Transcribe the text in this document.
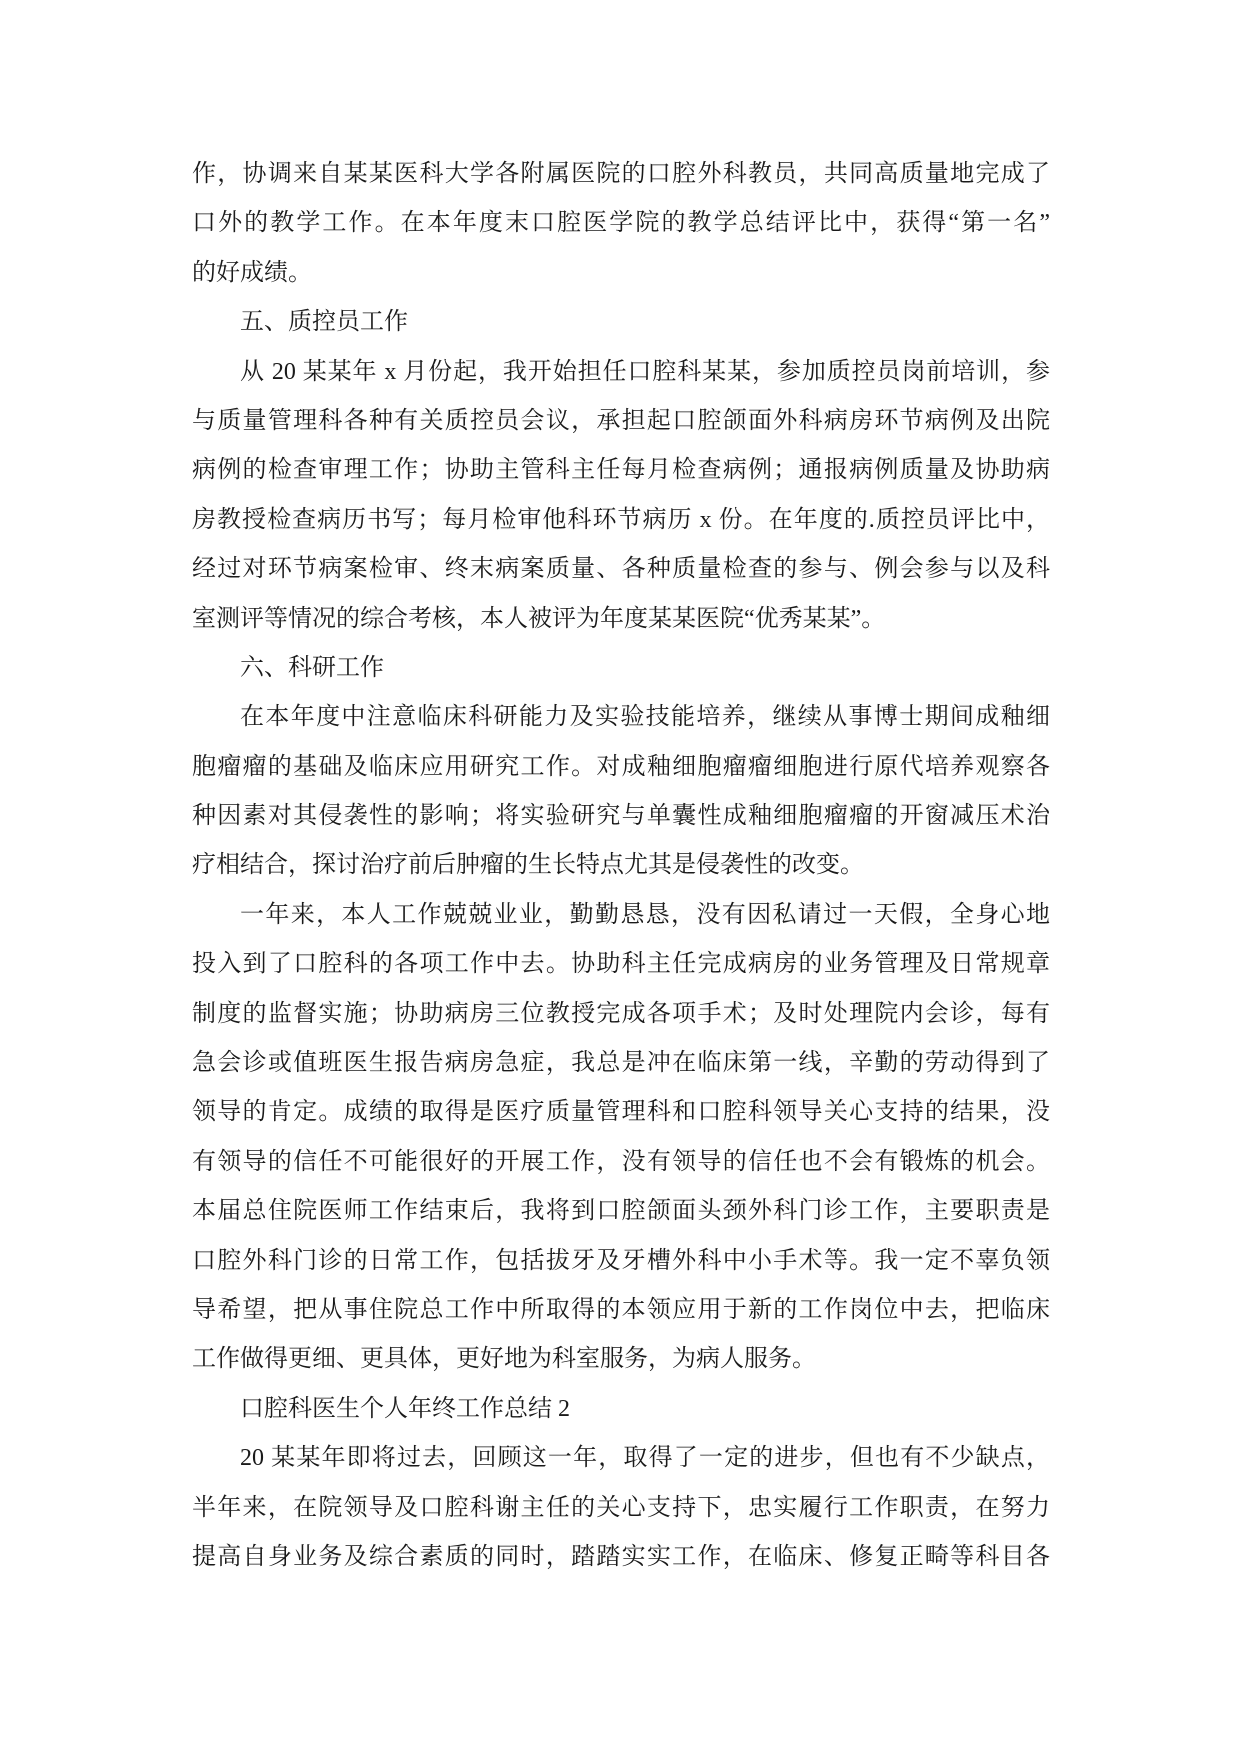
作，协调来自某某医科大学各附属医院的口腔外科教员，共同高质量地完成了
口外的教学工作。在本年度末口腔医学院的教学总结评比中，获得“第一名”
的好成绩。
五、质控员工作
从 20 某某年 x 月份起，我开始担任口腔科某某，参加质控员岗前培训，参
与质量管理科各种有关质控员会议，承担起口腔颌面外科病房环节病例及出院
病例的检查审理工作；协助主管科主任每月检查病例；通报病例质量及协助病
房教授检查病历书写；每月检审他科环节病历 x 份。在年度的.质控员评比中，
经过对环节病案检审、终末病案质量、各种质量检查的参与、例会参与以及科
室测评等情况的综合考核，本人被评为年度某某医院“优秀某某”。
六、科研工作
在本年度中注意临床科研能力及实验技能培养，继续从事博士期间成釉细
胞瘤瘤的基础及临床应用研究工作。对成釉细胞瘤瘤细胞进行原代培养观察各
种因素对其侵袭性的影响；将实验研究与单囊性成釉细胞瘤瘤的开窗减压术治
疗相结合，探讨治疗前后肿瘤的生长特点尤其是侵袭性的改变。
一年来，本人工作兢兢业业，勤勤恳恳，没有因私请过一天假，全身心地
投入到了口腔科的各项工作中去。协助科主任完成病房的业务管理及日常规章
制度的监督实施；协助病房三位教授完成各项手术；及时处理院内会诊，每有
急会诊或值班医生报告病房急症，我总是冲在临床第一线，辛勤的劳动得到了
领导的肯定。成绩的取得是医疗质量管理科和口腔科领导关心支持的结果，没
有领导的信任不可能很好的开展工作，没有领导的信任也不会有锻炼的机会。
本届总住院医师工作结束后，我将到口腔颌面头颈外科门诊工作，主要职责是
口腔外科门诊的日常工作，包括拔牙及牙槽外科中小手术等。我一定不辜负领
导希望，把从事住院总工作中所取得的本领应用于新的工作岗位中去，把临床
工作做得更细、更具体，更好地为科室服务，为病人服务。
口腔科医生个人年终工作总结 2
20 某某年即将过去，回顾这一年，取得了一定的进步，但也有不少缺点，
半年来，在院领导及口腔科谢主任的关心支持下，忠实履行工作职责，在努力
提高自身业务及综合素质的同时，踏踏实实工作，在临床、修复正畸等科目各
